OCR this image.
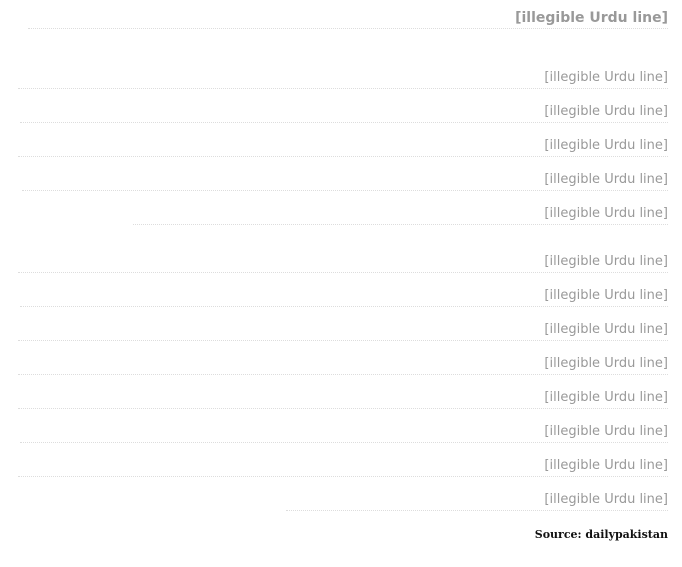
[illegible Urdu line]
[illegible Urdu line]
[illegible Urdu line]
[illegible Urdu line]
[illegible Urdu line]
[illegible Urdu line]
[illegible Urdu line]
[illegible Urdu line]
[illegible Urdu line]
[illegible Urdu line]
[illegible Urdu line]
[illegible Urdu line]
[illegible Urdu line]
[illegible Urdu line]
Source: dailypakistan
